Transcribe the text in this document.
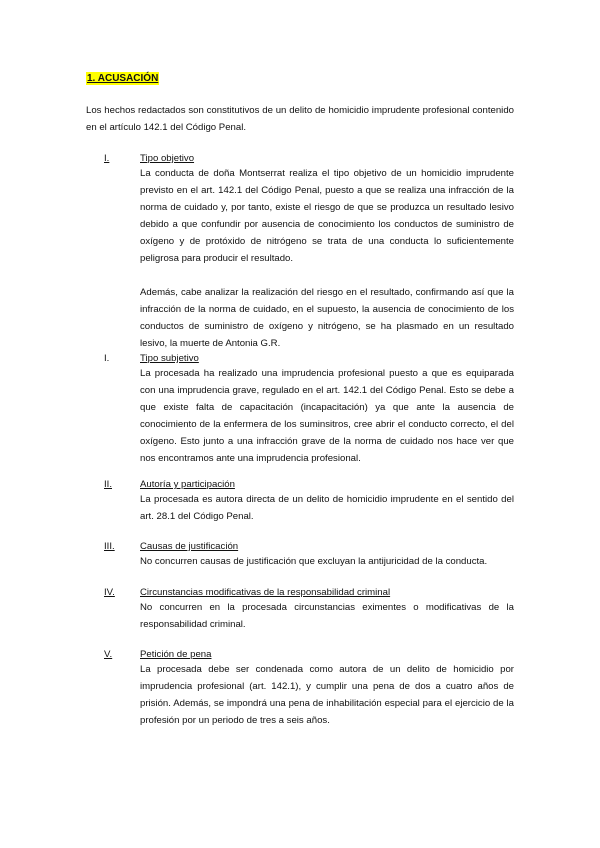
1. ACUSACIÓN

Los hechos redactados son constitutivos de un delito de homicidio imprudente profesional contenido en el artículo 142.1 del Código Penal.

I.	Tipo objetivo

La conducta de doña Montserrat realiza el tipo objetivo de un homicidio imprudente previsto en el art. 142.1 del Código Penal, puesto a que se realiza una infracción de la norma de cuidado y, por tanto, existe el riesgo de que se produzca un resultado lesivo debido a que confundir por ausencia de conocimiento los conductos de suministro de oxígeno y de protóxido de nitrógeno se trata de una conducta lo suficientemente peligrosa para producir el resultado.

Además, cabe analizar la realización del riesgo en el resultado, confirmando así que la infracción de la norma de cuidado, en el supuesto, la ausencia de conocimiento de los conductos de suministro de oxígeno y nitrógeno, se ha plasmado en un resultado lesivo, la muerte de Antonia G.R.

I.	Tipo subjetivo

La procesada ha realizado una imprudencia profesional puesto a que es equiparada con una imprudencia grave, regulado en el art. 142.1 del Código Penal. Esto se debe a que existe falta de capacitación (incapacitación) ya que ante la ausencia de conocimiento de la enfermera de los suminsitros, cree abrir el conducto correcto, el del oxígeno. Esto junto a una infracción grave de la norma de cuidado nos hace ver que nos encontramos ante una imprudencia profesional.

II.	Autoría y participación

La procesada es autora directa de un delito de homicidio imprudente en el sentido del art. 28.1 del Código Penal.

III.	Causas de justificación

No concurren causas de justificación que excluyan la antijuricidad de la conducta.

IV.	Circunstancias modificativas de la responsabilidad criminal

No concurren en la procesada circunstancias eximentes o modificativas de la responsabilidad criminal.

V.	Petición de pena

La procesada debe ser condenada como autora de un delito de homicidio por imprudencia profesional (art. 142.1), y cumplir una pena de dos a cuatro años de prisión. Además, se impondrá una pena de inhabilitación especial para el ejercicio de la profesión por un periodo de tres a seis años.
